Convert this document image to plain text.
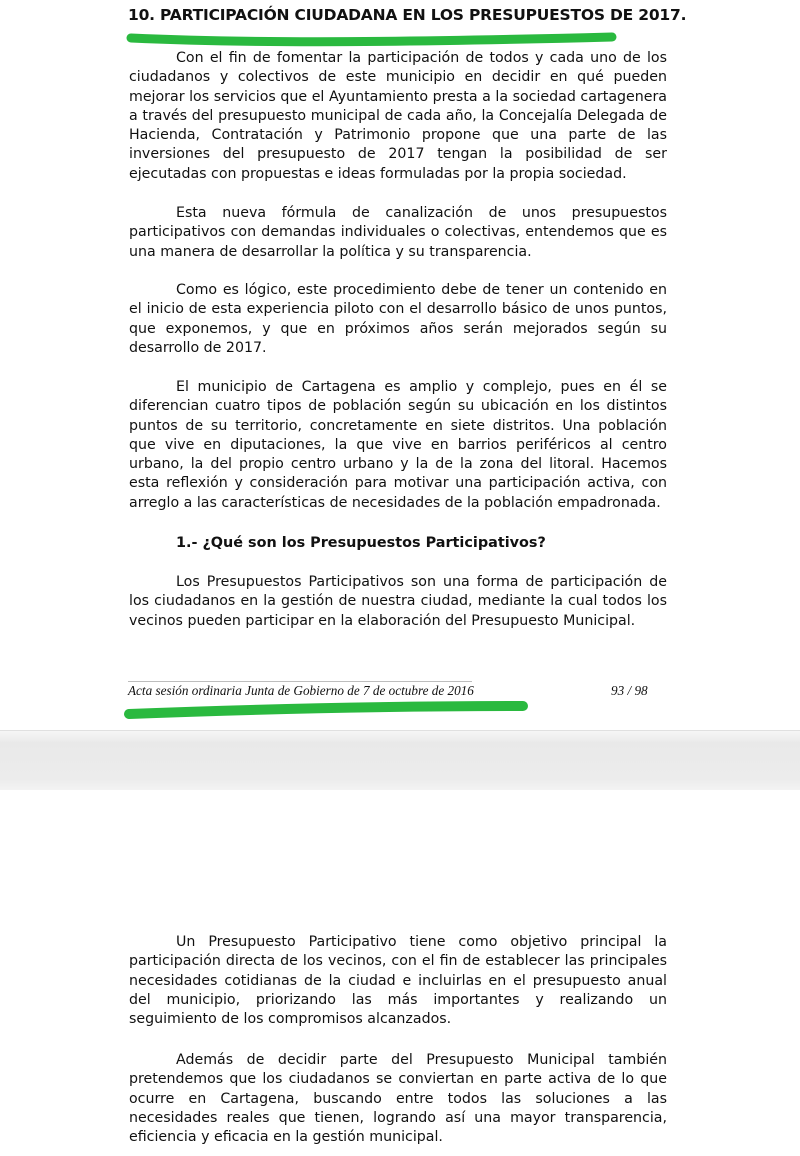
10. PARTICIPACIÓN CIUDADANA EN LOS PRESUPUESTOS DE 2017.

Con el fin de fomentar la participación de todos y cada uno de los ciudadanos y colectivos de este municipio en decidir en qué pueden mejorar los servicios que el Ayuntamiento presta a la sociedad cartagenera a través del presupuesto municipal de cada año, la Concejalía Delegada de Hacienda, Contratación y Patrimonio propone que una parte de las inversiones del presupuesto de 2017 tengan la posibilidad de ser ejecutadas con propuestas e ideas formuladas por la propia sociedad.

Esta nueva fórmula de canalización de unos presupuestos participativos con demandas individuales o colectivas, entendemos que es una manera de desarrollar la política y su transparencia.

Como es lógico, este procedimiento debe de tener un contenido en el inicio de esta experiencia piloto con el desarrollo básico de unos puntos, que exponemos, y que en próximos años serán mejorados según su desarrollo de 2017.

El municipio de Cartagena es amplio y complejo, pues en él se diferencian cuatro tipos de población según su ubicación en los distintos puntos de su territorio, concretamente en siete distritos. Una población que vive en diputaciones, la que vive en barrios periféricos al centro urbano, la del propio centro urbano y la de la zona del litoral. Hacemos esta reflexión y consideración para motivar una participación activa, con arreglo a las características de necesidades de la población empadronada.

1.- ¿Qué son los Presupuestos Participativos?

Los Presupuestos Participativos son una forma de participación de los ciudadanos en la gestión de nuestra ciudad, mediante la cual todos los vecinos pueden participar en la elaboración del Presupuesto Municipal.

Acta sesión ordinaria Junta de Gobierno de 7 de octubre de 2016	93 / 98

Un Presupuesto Participativo tiene como objetivo principal la participación directa de los vecinos, con el fin de establecer las principales necesidades cotidianas de la ciudad e incluirlas en el presupuesto anual del municipio, priorizando las más importantes y realizando un seguimiento de los compromisos alcanzados.

Además de decidir parte del Presupuesto Municipal también pretendemos que los ciudadanos se conviertan en parte activa de lo que ocurre en Cartagena, buscando entre todos las soluciones a las necesidades reales que tienen, logrando así una mayor transparencia, eficiencia y eficacia en la gestión municipal.
